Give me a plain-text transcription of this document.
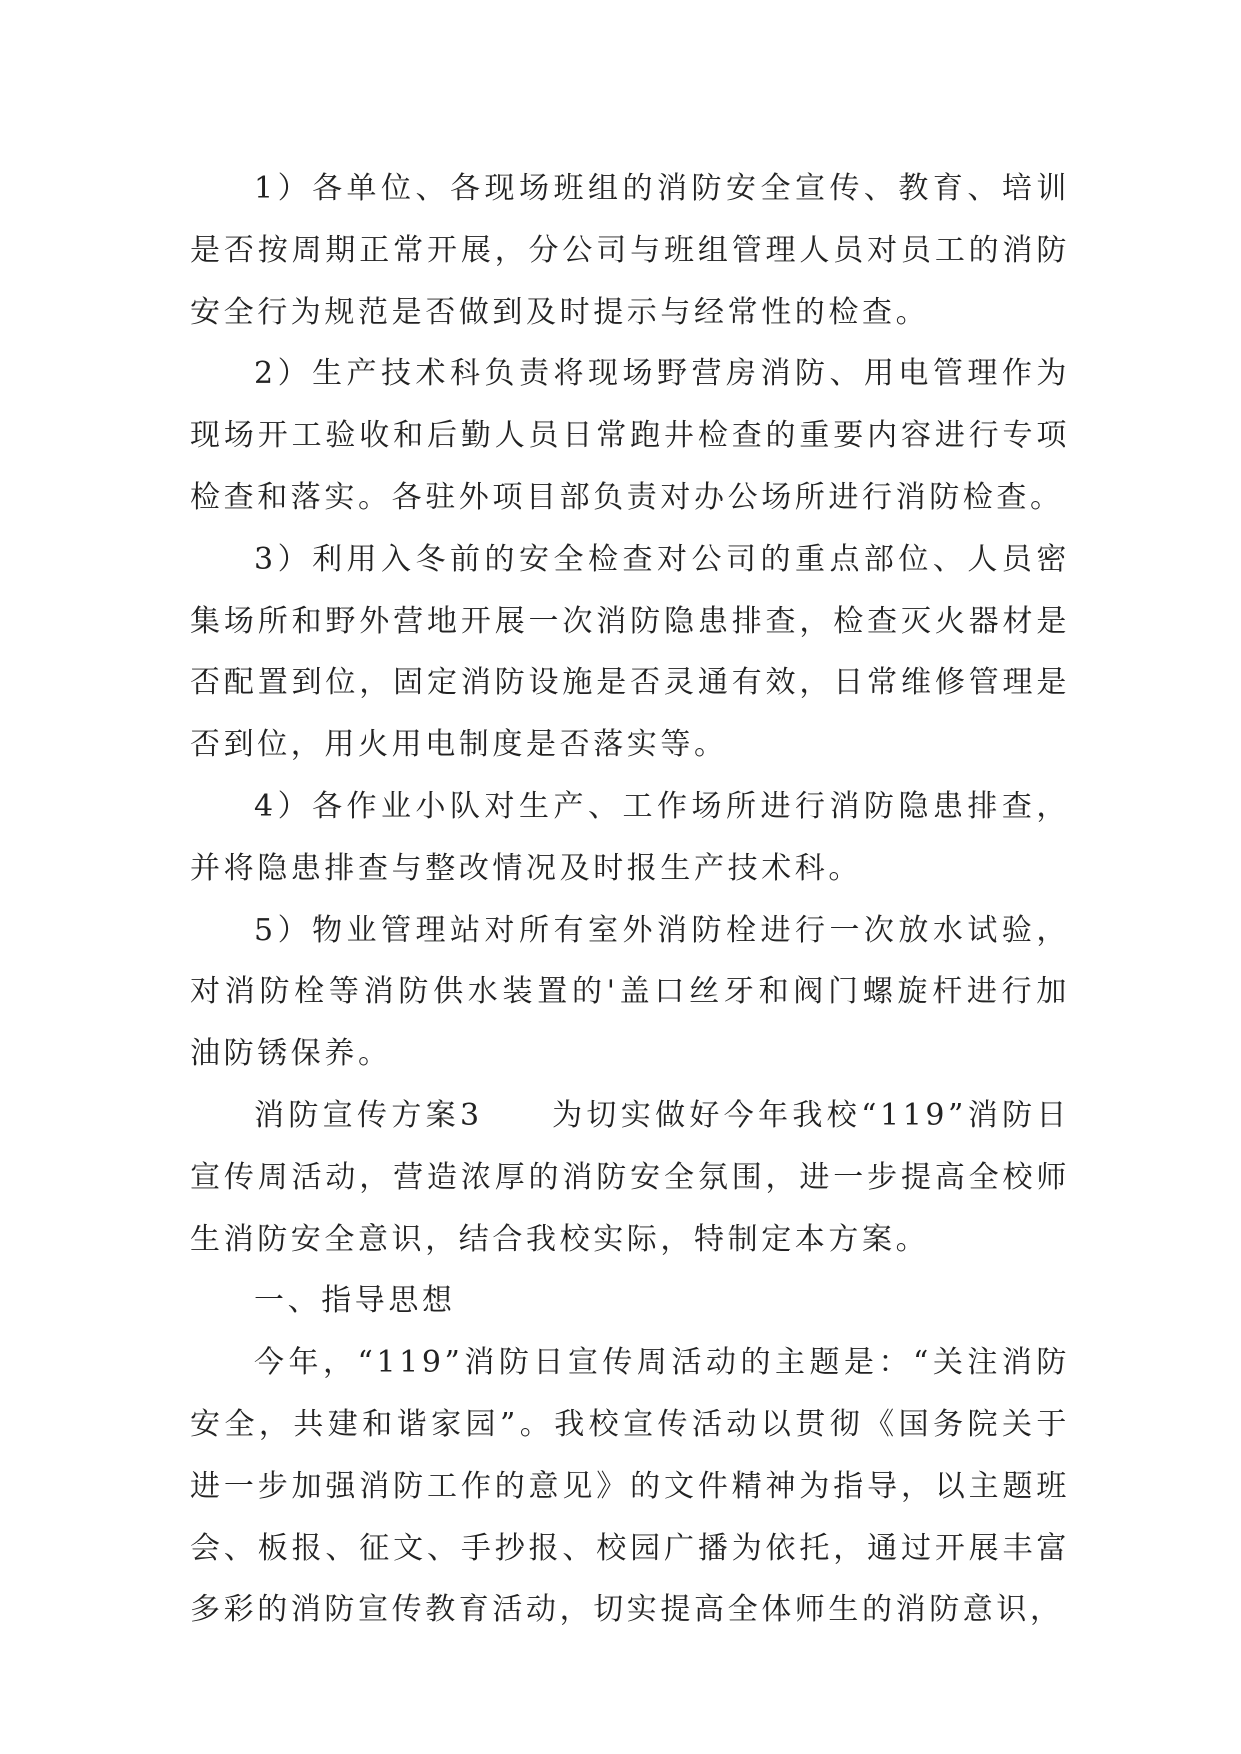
1）各单位、各现场班组的消防安全宣传、教育、培训是否按周期正常开展，分公司与班组管理人员对员工的消防安全行为规范是否做到及时提示与经常性的检查。

2）生产技术科负责将现场野营房消防、用电管理作为现场开工验收和后勤人员日常跑井检查的重要内容进行专项检查和落实。各驻外项目部负责对办公场所进行消防检查。

3）利用入冬前的安全检查对公司的重点部位、人员密集场所和野外营地开展一次消防隐患排查，检查灭火器材是否配置到位，固定消防设施是否灵通有效，日常维修管理是否到位，用火用电制度是否落实等。

4）各作业小队对生产、工作场所进行消防隐患排查，并将隐患排查与整改情况及时报生产技术科。

5）物业管理站对所有室外消防栓进行一次放水试验，对消防栓等消防供水装置的'盖口丝牙和阀门螺旋杆进行加油防锈保养。

消防宣传方案3　　为切实做好今年我校“119”消防日宣传周活动，营造浓厚的消防安全氛围，进一步提高全校师生消防安全意识，结合我校实际，特制定本方案。

一、指导思想

今年，“119”消防日宣传周活动的主题是：“关注消防安全，共建和谐家园”。我校宣传活动以贯彻《国务院关于进一步加强消防工作的意见》的文件精神为指导，以主题班会、板报、征文、手抄报、校园广播为依托，通过开展丰富多彩的消防宣传教育活动，切实提高全体师生的消防意识，
